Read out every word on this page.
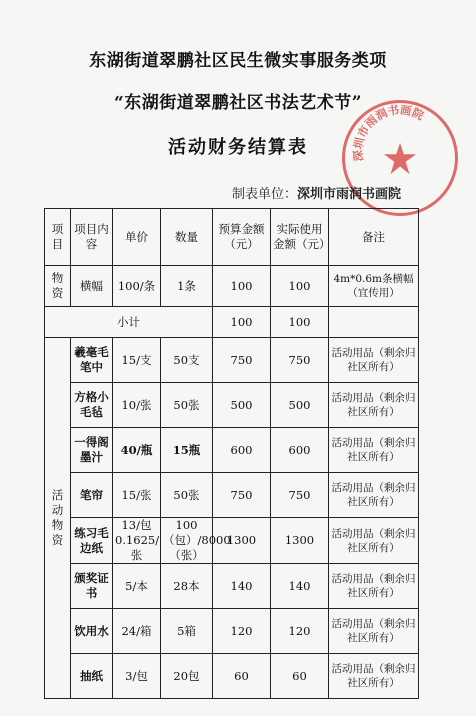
东湖街道翠鹏社区民生微实事服务类项
“东湖街道翠鹏社区书法艺术节”
活动财务结算表	深圳市雨润书画院
制表单位：深圳市雨润书画院
项目	项目内容	单价	数量	预算金额（元）	实际使用金额（元）	备注
物资	横幅	100/条	1条	100	100	4m*0.6m条横幅（宜传用）
小计				100	100	
活动物资	羲毫毛笔中	15/支	50支	750	750	活动用品（剩余归社区所有）
	方格小毛毡	10/张	50张	500	500	活动用品（剩余归社区所有）
	一得阁墨汁	40/瓶	15瓶	600	600	活动用品（剩余归社区所有）
	笔帘	15/张	50张	750	750	活动用品（剩余归社区所有）
	练习毛边纸	13/包 0.1625/张	100（包）/8000（张）	1300	1300	活动用品（剩余归社区所有）
	颁奖证书	5/本	28本	140	140	活动用品（剩余归社区所有）
	饮用水	24/箱	5箱	120	120	活动用品（剩余归社区所有）
	抽纸	3/包	20包	60	60	活动用品（剩余归社区所有）
